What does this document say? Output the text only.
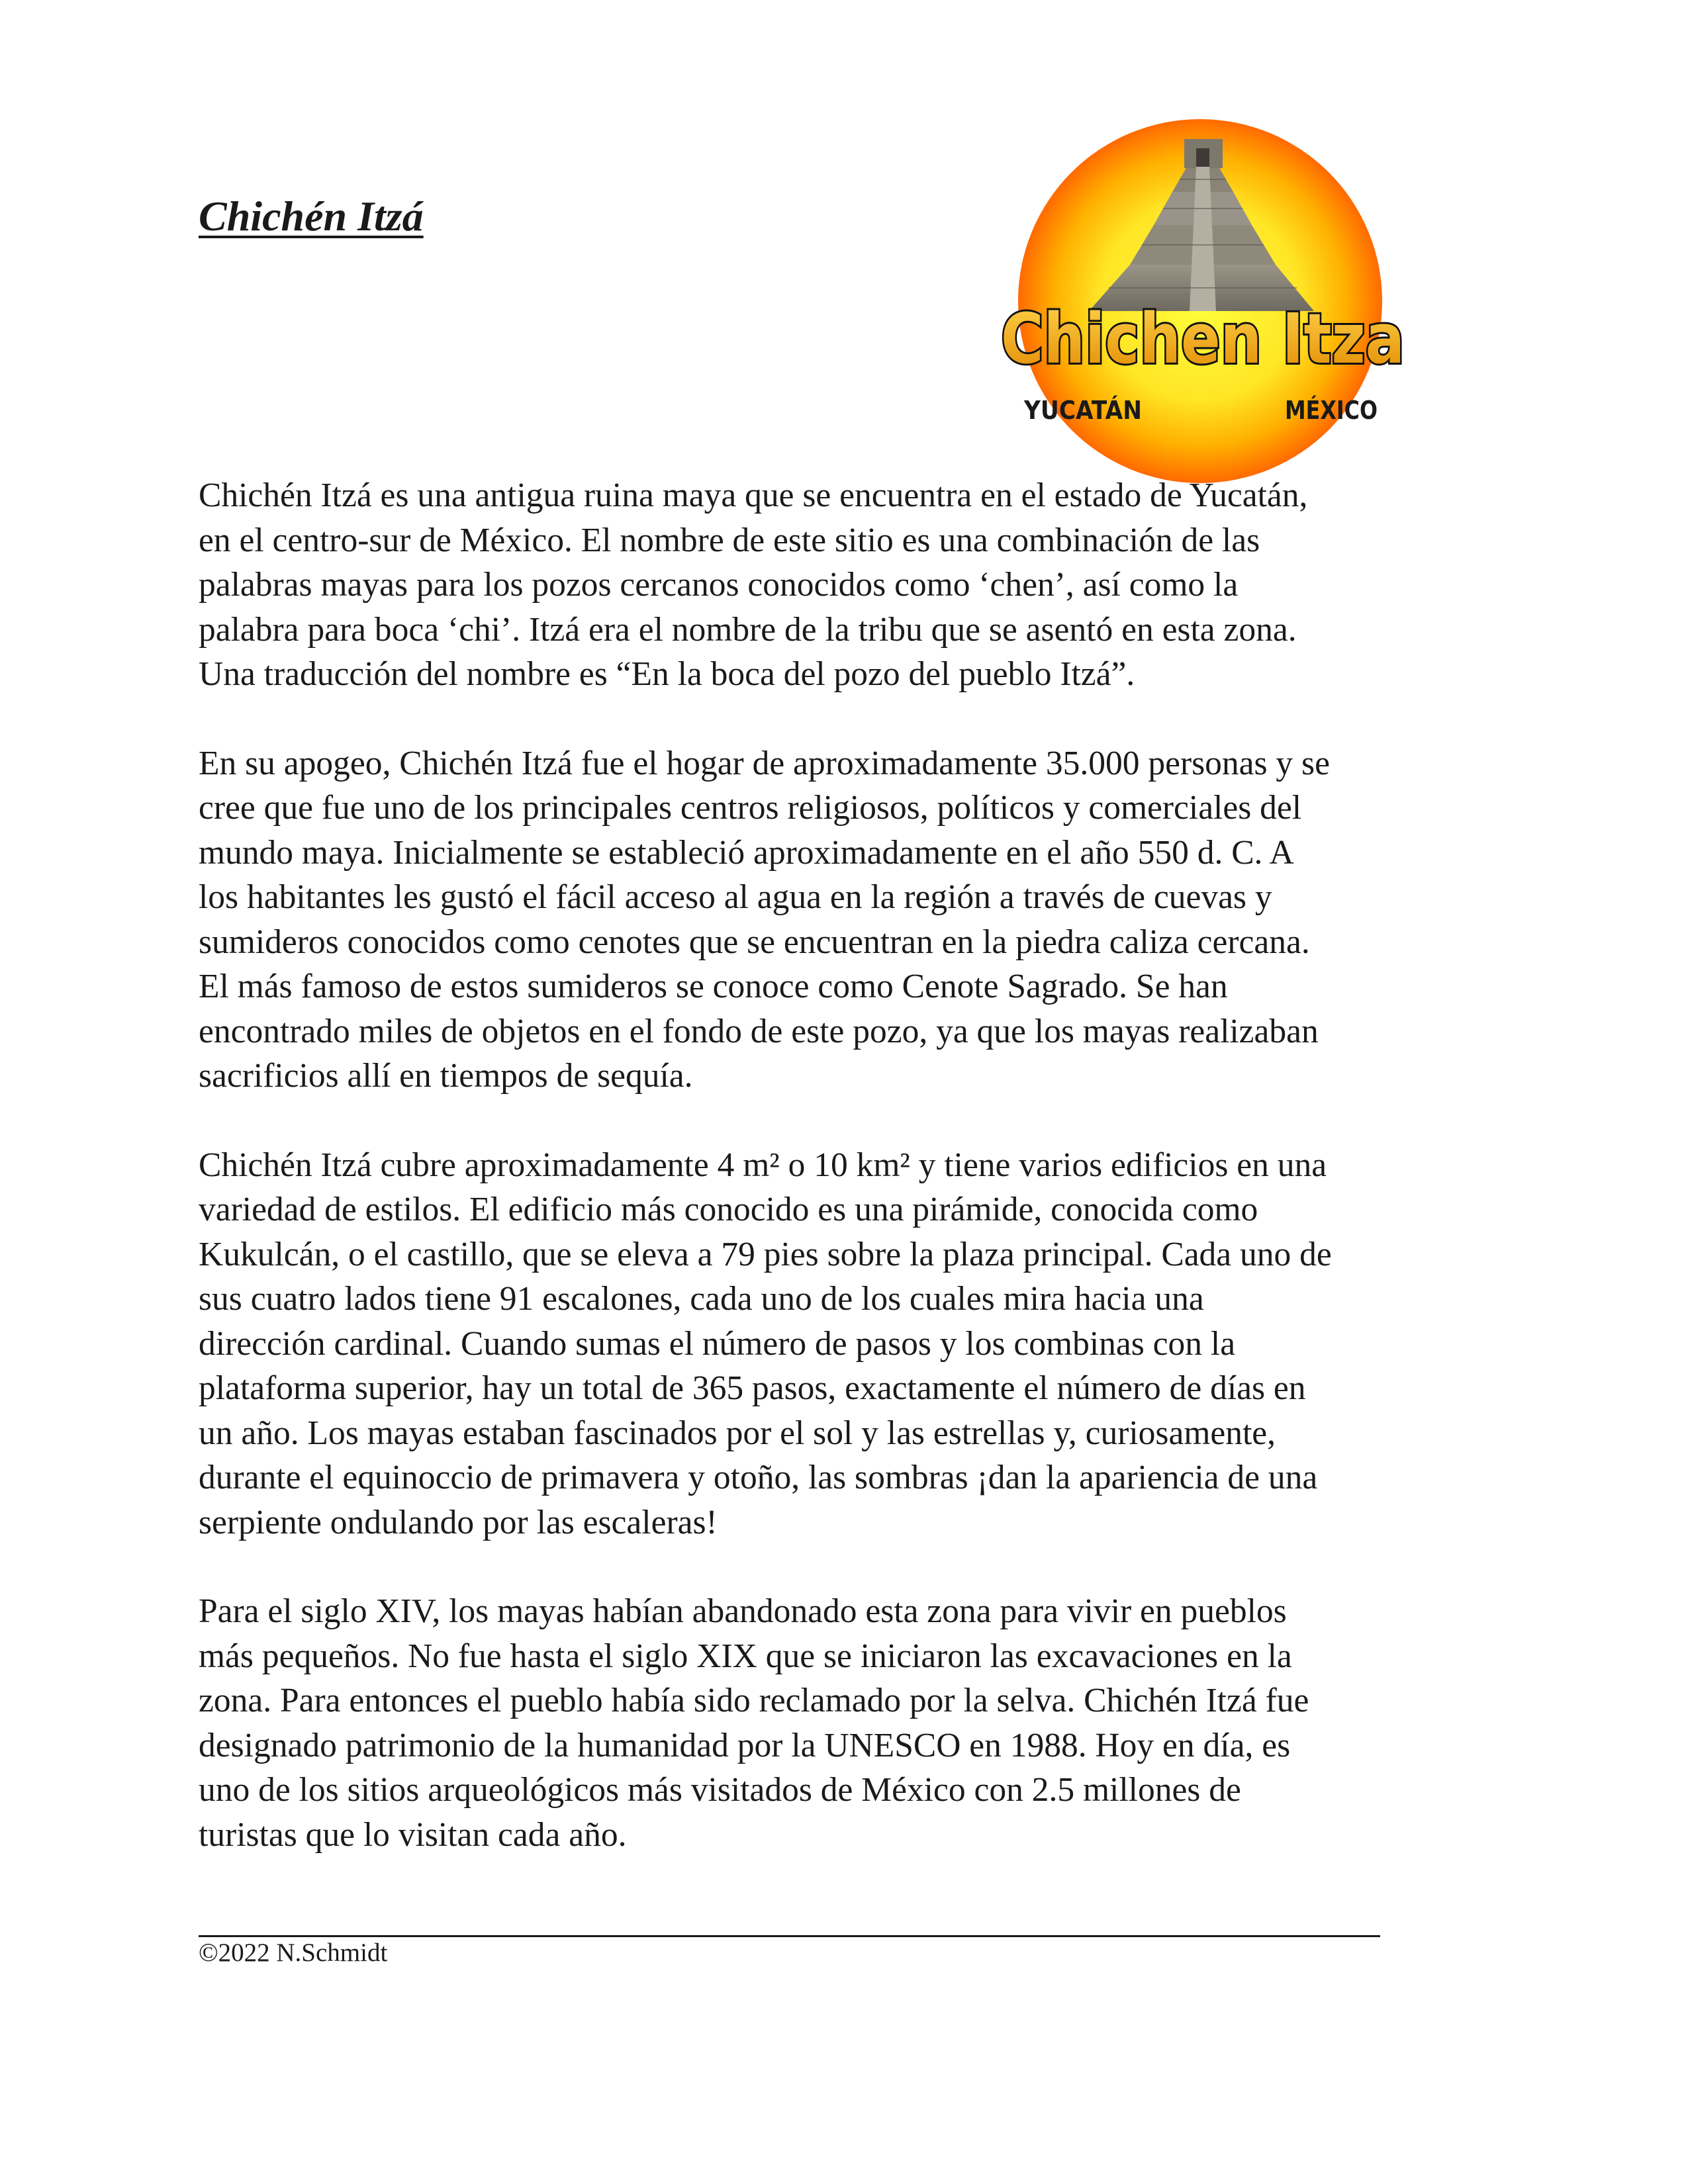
Chichén Itzá
Chichen Itza
YUCATÁN	MÉXICO

Chichén Itzá es una antigua ruina maya que se encuentra en el estado de Yucatán,
en el centro-sur de México. El nombre de este sitio es una combinación de las
palabras mayas para los pozos cercanos conocidos como ‘chen’, así como la
palabra para boca ‘chi’. Itzá era el nombre de la tribu que se asentó en esta zona.
Una traducción del nombre es “En la boca del pozo del pueblo Itzá”.

En su apogeo, Chichén Itzá fue el hogar de aproximadamente 35.000 personas y se
cree que fue uno de los principales centros religiosos, políticos y comerciales del
mundo maya. Inicialmente se estableció aproximadamente en el año 550 d. C. A
los habitantes les gustó el fácil acceso al agua en la región a través de cuevas y
sumideros conocidos como cenotes que se encuentran en la piedra caliza cercana.
El más famoso de estos sumideros se conoce como Cenote Sagrado. Se han
encontrado miles de objetos en el fondo de este pozo, ya que los mayas realizaban
sacrificios allí en tiempos de sequía.

Chichén Itzá cubre aproximadamente 4 m² o 10 km² y tiene varios edificios en una
variedad de estilos. El edificio más conocido es una pirámide, conocida como
Kukulcán, o el castillo, que se eleva a 79 pies sobre la plaza principal. Cada uno de
sus cuatro lados tiene 91 escalones, cada uno de los cuales mira hacia una
dirección cardinal. Cuando sumas el número de pasos y los combinas con la
plataforma superior, hay un total de 365 pasos, exactamente el número de días en
un año. Los mayas estaban fascinados por el sol y las estrellas y, curiosamente,
durante el equinoccio de primavera y otoño, las sombras ¡dan la apariencia de una
serpiente ondulando por las escaleras!

Para el siglo XIV, los mayas habían abandonado esta zona para vivir en pueblos
más pequeños. No fue hasta el siglo XIX que se iniciaron las excavaciones en la
zona. Para entonces el pueblo había sido reclamado por la selva. Chichén Itzá fue
designado patrimonio de la humanidad por la UNESCO en 1988. Hoy en día, es
uno de los sitios arqueológicos más visitados de México con 2.5 millones de
turistas que lo visitan cada año.

©2022 N.Schmidt
